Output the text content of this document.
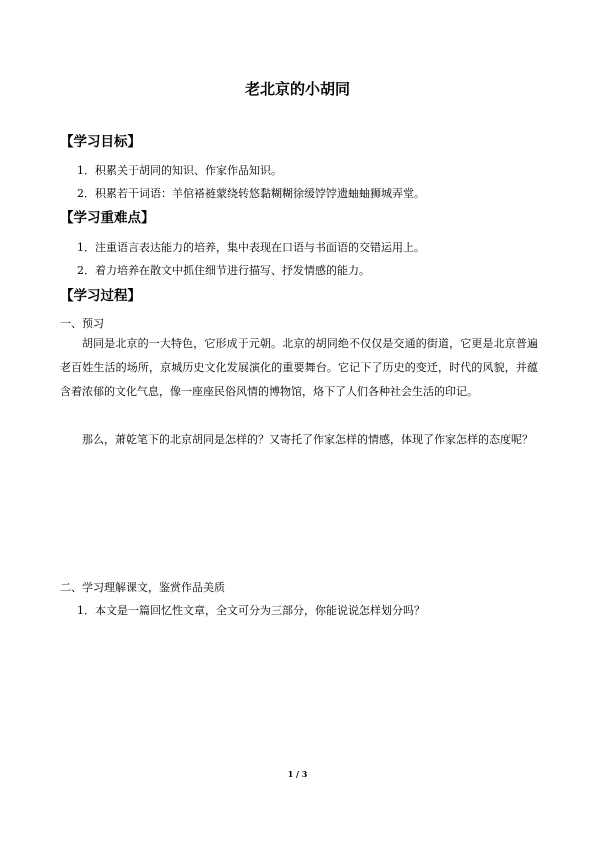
老北京的小胡同
【学习目标】

1．积累关于胡同的知识、作家作品知识。

2．积累若干词语：羊倌褡裢蒙绕转悠黏糊糊徐缓饽饽遗蚰蚰狮城弄堂。

【学习重难点】

1．注重语言表达能力的培养，集中表现在口语与书面语的交错运用上。

2．着力培养在散文中抓住细节进行描写、抒发情感的能力。

【学习过程】

一、预习

胡同是北京的一大特色，它形成于元朝。北京的胡同绝不仅仅是交通的街道，它更是北京普遍老百姓生活的场所，京城历史文化发展演化的重要舞台。它记下了历史的变迁，时代的风貌，并蕴含着浓郁的文化气息，像一座座民俗风情的博物馆，烙下了人们各种社会生活的印记。

那么，萧乾笔下的北京胡同是怎样的？又寄托了作家怎样的情感，体现了作家怎样的态度呢？

二、学习理解课文，鉴赏作品美质

1．本文是一篇回忆性文章，全文可分为三部分，你能说说怎样划分吗？

1 / 3
